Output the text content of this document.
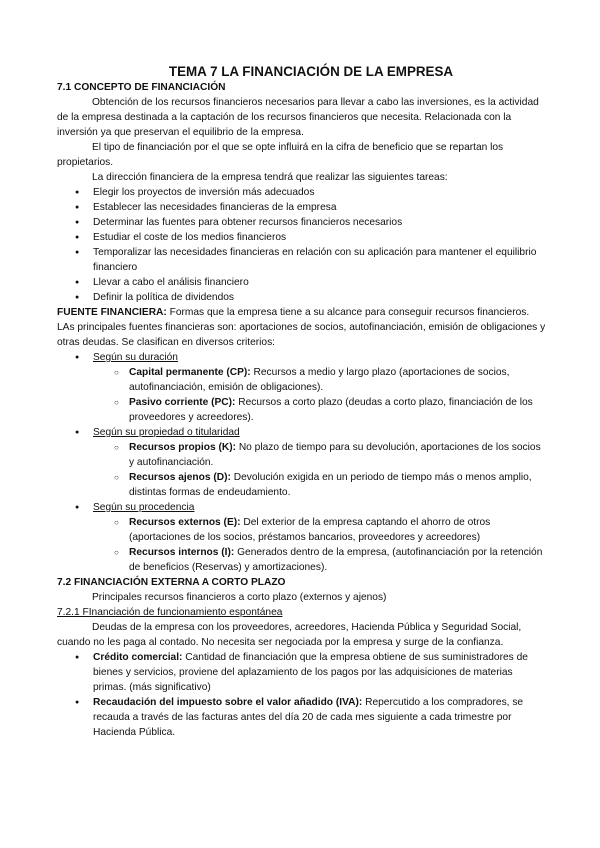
TEMA 7 LA FINANCIACIÓN DE LA EMPRESA
7.1 CONCEPTO DE FINANCIACIÓN

Obtención de los recursos financieros necesarios para llevar a cabo las inversiones, es la actividad de la empresa destinada a la captación de los recursos financieros que necesita. Relacionada con la inversión ya que preservan el equilibrio de la empresa.

El tipo de financiación por el que se opte influirá en la cifra de beneficio que se repartan los propietarios.

La dirección financiera de la empresa tendrá que realizar las siguientes tareas:

● Elegir los proyectos de inversión más adecuados
● Establecer las necesidades financieras de la empresa
● Determinar las fuentes para obtener recursos financieros necesarios
● Estudiar el coste de los medios financieros
● Temporalizar las necesidades financieras en relación con su aplicación para mantener el equilibrio financiero
● Llevar a cabo el análisis financiero
● Definir la política de dividendos

FUENTE FINANCIERA: Formas que la empresa tiene a su alcance para conseguir recursos financieros. LAs principales fuentes financieras son: aportaciones de socios, autofinanciación, emisión de obligaciones y otras deudas. Se clasifican en diversos criterios:

● Según su duración
○ Capital permanente (CP): Recursos a medio y largo plazo (aportaciones de socios, autofinanciación, emisión de obligaciones).
○ Pasivo corriente (PC): Recursos a corto plazo (deudas a corto plazo, financiación de los proveedores y acreedores).
● Según su propiedad o titularidad
○ Recursos propios (K): No plazo de tiempo para su devolución, aportaciones de los socios y autofinanciación.
○ Recursos ajenos (D): Devolución exigida en un periodo de tiempo más o menos amplio, distintas formas de endeudamiento.
● Según su procedencia
○ Recursos externos (E): Del exterior de la empresa captando el ahorro de otros (aportaciones de los socios, préstamos bancarios, proveedores y acreedores)
○ Recursos internos (I): Generados dentro de la empresa, (autofinanciación por la retención de beneficios (Reservas) y amortizaciones).
7.2 FINANCIACIÓN EXTERNA A CORTO PLAZO

Principales recursos financieros a corto plazo (externos y ajenos)

7.2.1 FInanciación de funcionamiento espontánea

Deudas de la empresa con los proveedores, acreedores, Hacienda Pública y Seguridad Social, cuando no les paga al contado. No necesita ser negociada por la empresa y surge de la confianza.

● Crédito comercial: Cantidad de financiación que la empresa obtiene de sus suministradores de bienes y servicios, proviene del aplazamiento de los pagos por las adquisiciones de materias primas. (más significativo)
● Recaudación del impuesto sobre el valor añadido (IVA): Repercutido a los compradores, se recauda a través de las facturas antes del día 20 de cada mes siguiente a cada trimestre por Hacienda Pública.
